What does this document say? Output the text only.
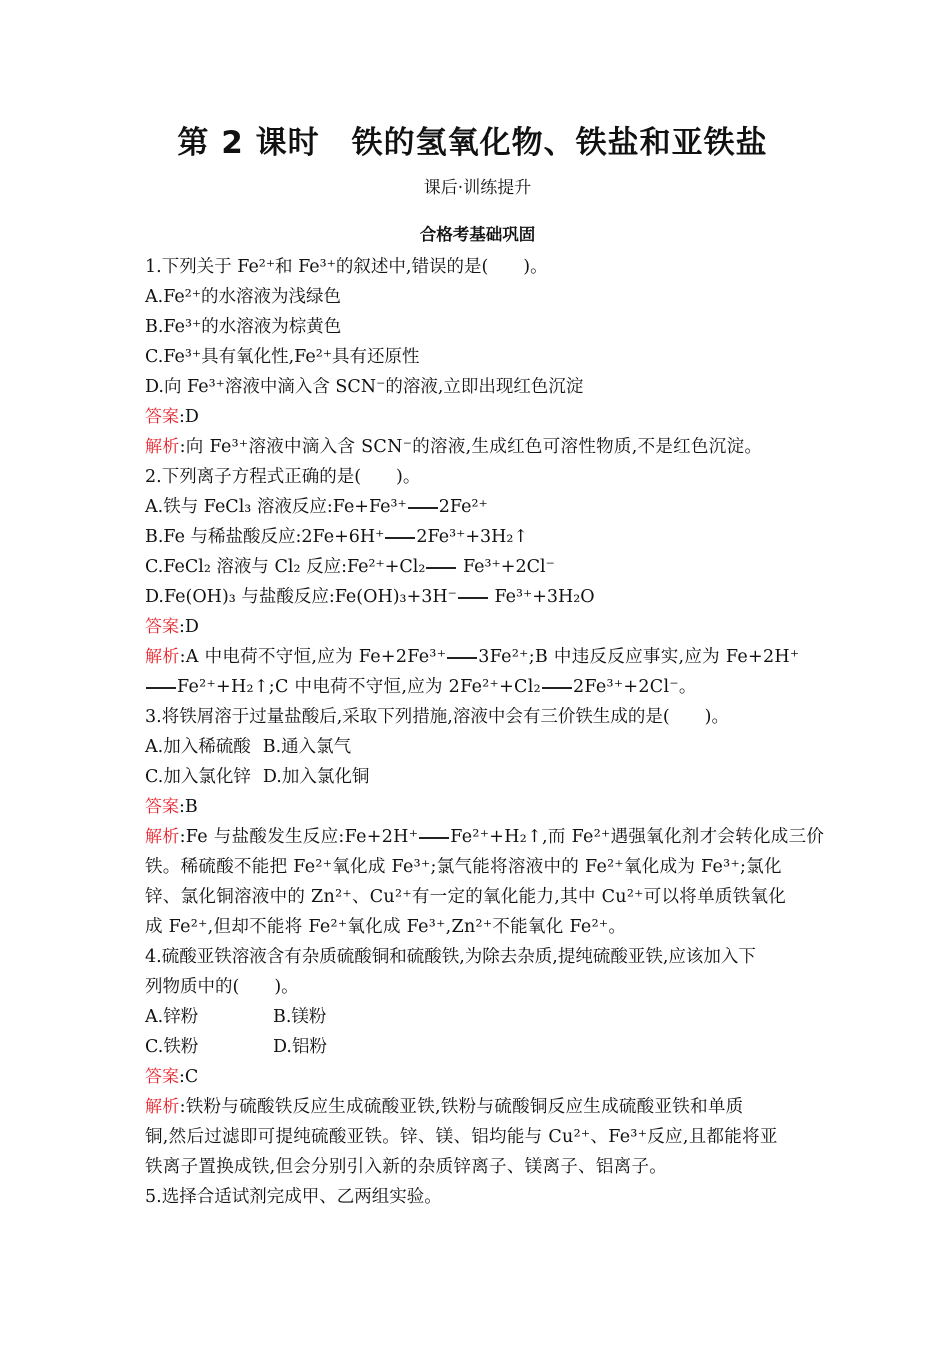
第 2 课时　铁的氢氧化物、铁盐和亚铁盐
课后·训练提升
合格考基础巩固
1.下列关于 Fe²⁺和 Fe³⁺的叙述中,错误的是(　　)。
A.Fe²⁺的水溶液为浅绿色
B.Fe³⁺的水溶液为棕黄色
C.Fe³⁺具有氧化性,Fe²⁺具有还原性
D.向 Fe³⁺溶液中滴入含 SCN⁻的溶液,立即出现红色沉淀
答案:D
解析:向 Fe³⁺溶液中滴入含 SCN⁻的溶液,生成红色可溶性物质,不是红色沉淀。
2.下列离子方程式正确的是(　　)。
A.铁与 FeCl₃ 溶液反应:Fe+Fe³⁺ 2Fe²⁺
B.Fe 与稀盐酸反应:2Fe+6H⁺ 2Fe³⁺+3H₂↑
C.FeCl₂ 溶液与 Cl₂ 反应:Fe²⁺+Cl₂ Fe³⁺+2Cl⁻
D.Fe(OH)₃ 与盐酸反应:Fe(OH)₃+3H⁻ Fe³⁺+3H₂O
答案:D
解析:A 中电荷不守恒,应为 Fe+2Fe³⁺ 3Fe²⁺;B 中违反反应事实,应为 Fe+2H⁺
Fe²⁺+H₂↑;C 中电荷不守恒,应为 2Fe²⁺+Cl₂ 2Fe³⁺+2Cl⁻。
3.将铁屑溶于过量盐酸后,采取下列措施,溶液中会有三价铁生成的是(　　)。
A.加入稀硫酸 B.通入氯气
C.加入氯化锌 D.加入氯化铜
答案:B
解析:Fe 与盐酸发生反应:Fe+2H⁺ Fe²⁺+H₂↑,而 Fe²⁺遇强氧化剂才会转化成三价
铁。稀硫酸不能把 Fe²⁺氧化成 Fe³⁺;氯气能将溶液中的 Fe²⁺氧化成为 Fe³⁺;氯化
锌、氯化铜溶液中的 Zn²⁺、Cu²⁺有一定的氧化能力,其中 Cu²⁺可以将单质铁氧化
成 Fe²⁺,但却不能将 Fe²⁺氧化成 Fe³⁺,Zn²⁺不能氧化 Fe²⁺。
4.硫酸亚铁溶液含有杂质硫酸铜和硫酸铁,为除去杂质,提纯硫酸亚铁,应该加入下
列物质中的(　　)。
A.锌粉	B.镁粉
C.铁粉	D.铝粉
答案:C
解析:铁粉与硫酸铁反应生成硫酸亚铁,铁粉与硫酸铜反应生成硫酸亚铁和单质
铜,然后过滤即可提纯硫酸亚铁。锌、镁、铝均能与 Cu²⁺、Fe³⁺反应,且都能将亚
铁离子置换成铁,但会分别引入新的杂质锌离子、镁离子、铝离子。
5.选择合适试剂完成甲、乙两组实验。
